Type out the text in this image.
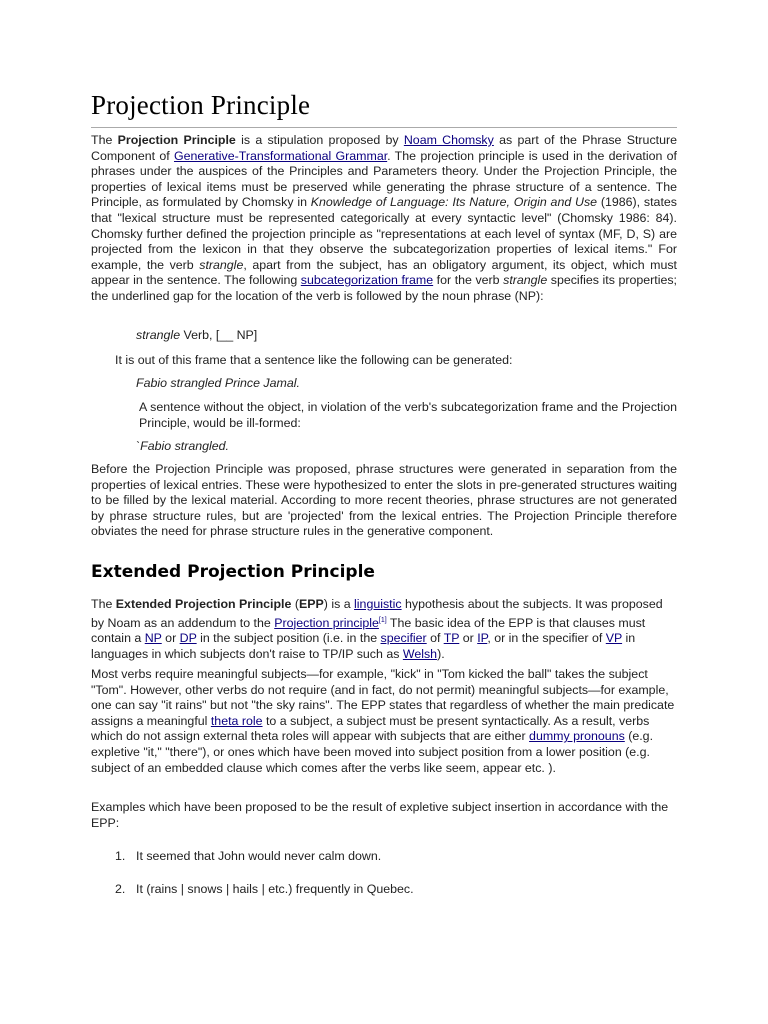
Projection Principle

The Projection Principle is a stipulation proposed by Noam Chomsky as part of the Phrase Structure Component of Generative-Transformational Grammar. The projection principle is used in the derivation of phrases under the auspices of the Principles and Parameters theory. Under the Projection Principle, the properties of lexical items must be preserved while generating the phrase structure of a sentence. The Principle, as formulated by Chomsky in Knowledge of Language: Its Nature, Origin and Use (1986), states that "lexical structure must be represented categorically at every syntactic level" (Chomsky 1986: 84). Chomsky further defined the projection principle as "representations at each level of syntax (MF, D, S) are projected from the lexicon in that they observe the subcategorization properties of lexical items." For example, the verb strangle, apart from the subject, has an obligatory argument, its object, which must appear in the sentence. The following subcategorization frame for the verb strangle specifies its properties; the underlined gap for the location of the verb is followed by the noun phrase (NP):

strangle Verb, [__ NP]

It is out of this frame that a sentence like the following can be generated:

Fabio strangled Prince Jamal.

A sentence without the object, in violation of the verb's subcategorization frame and the Projection Principle, would be ill-formed:

`Fabio strangled.

Before the Projection Principle was proposed, phrase structures were generated in separation from the properties of lexical entries. These were hypothesized to enter the slots in pre-generated structures waiting to be filled by the lexical material. According to more recent theories, phrase structures are not generated by phrase structure rules, but are 'projected' from the lexical entries. The Projection Principle therefore obviates the need for phrase structure rules in the generative component.

Extended Projection Principle

The Extended Projection Principle (EPP) is a linguistic hypothesis about the subjects. It was proposed by Noam as an addendum to the Projection principle[1] The basic idea of the EPP is that clauses must contain a NP or DP in the subject position (i.e. in the specifier of TP or IP, or in the specifier of VP in languages in which subjects don't raise to TP/IP such as Welsh).

Most verbs require meaningful subjects—for example, "kick" in "Tom kicked the ball" takes the subject "Tom". However, other verbs do not require (and in fact, do not permit) meaningful subjects—for example, one can say "it rains" but not "the sky rains". The EPP states that regardless of whether the main predicate assigns a meaningful theta role to a subject, a subject must be present syntactically. As a result, verbs which do not assign external theta roles will appear with subjects that are either dummy pronouns (e.g. expletive "it," "there"), or ones which have been moved into subject position from a lower position (e.g. subject of an embedded clause which comes after the verbs like seem, appear etc. ).

Examples which have been proposed to be the result of expletive subject insertion in accordance with the EPP:

1. It seemed that John would never calm down.
2. It (rains | snows | hails | etc.) frequently in Quebec.
